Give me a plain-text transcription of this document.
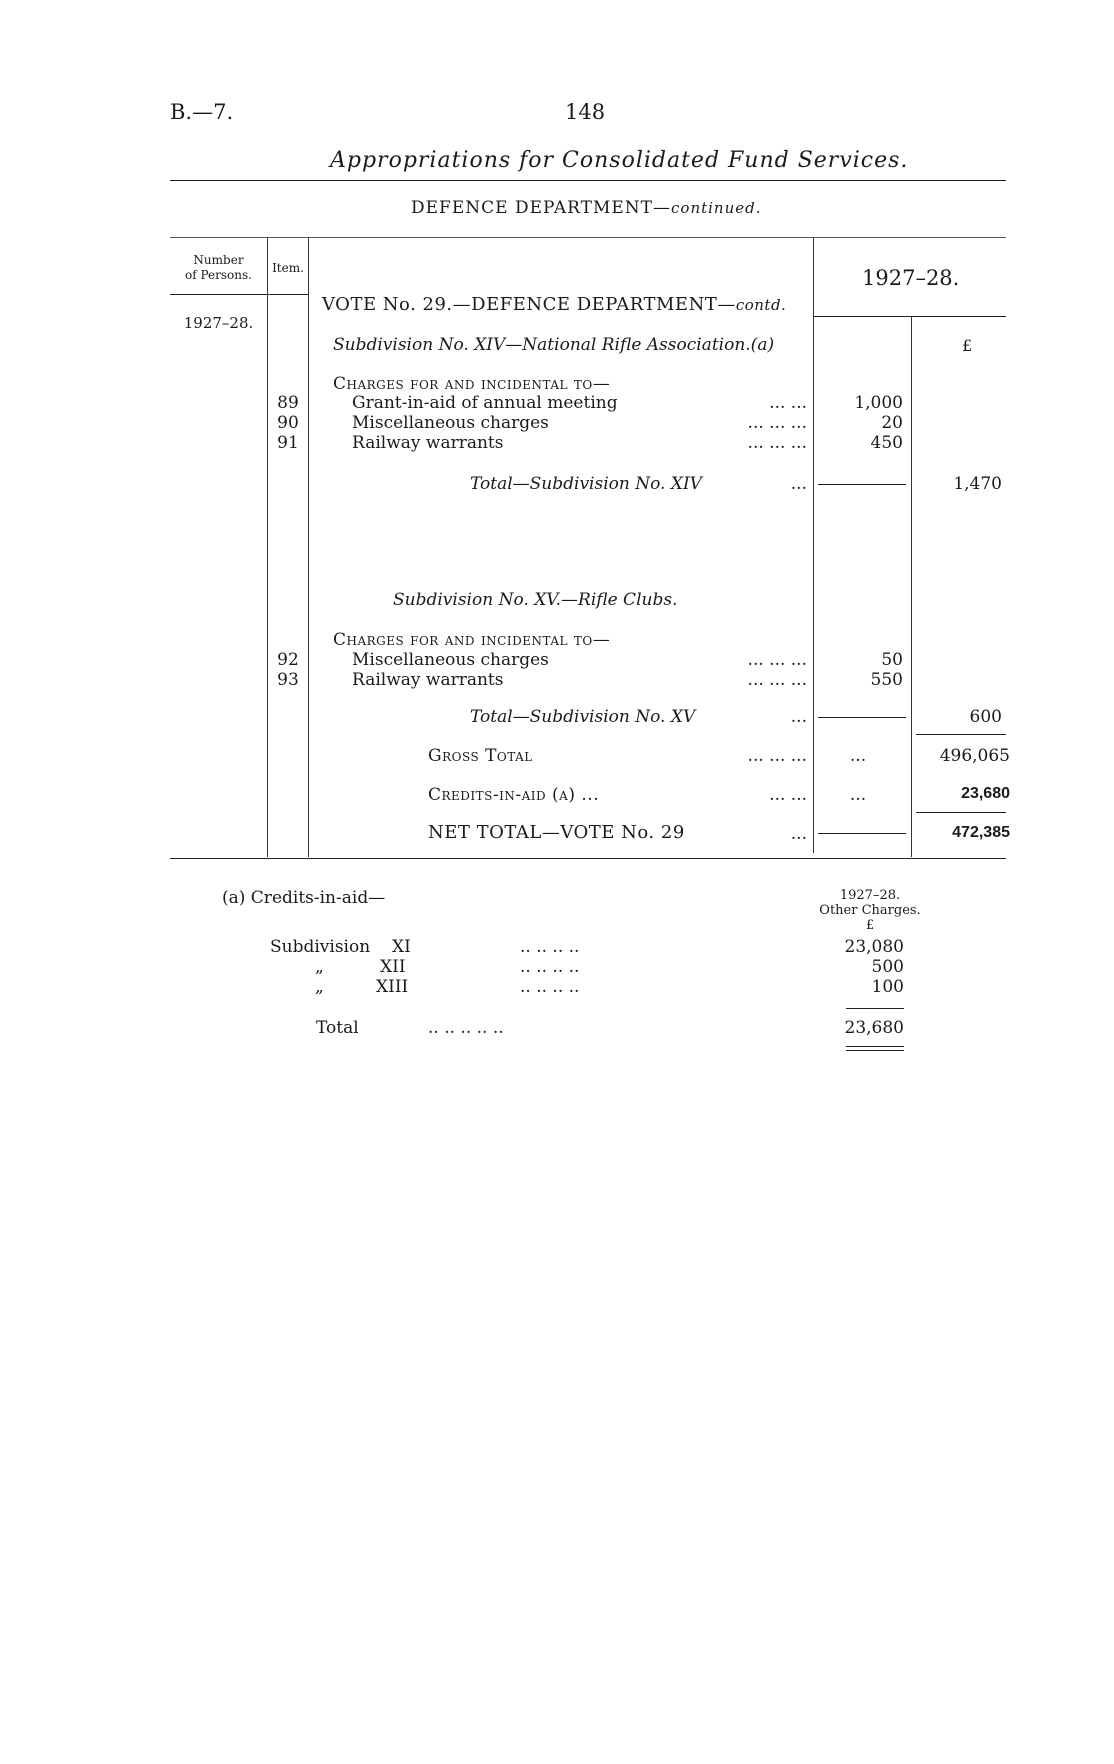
B.—7.	148
Appropriations for Consolidated Fund Services.
DEFENCE DEPARTMENT—continued.
Number
of Persons.	Item.
1927–28.
1927–28.
VOTE No. 29.—DEFENCE DEPARTMENT—contd.
£
Subdivision No. XIV—National Rifle Association.(a)
Charges for and incidental to—
89	Grant-in-aid of annual meeting	... ...	1,000
90	Miscellaneous charges	... ... ...	20
91	Railway warrants	... ... ...	450
Total—Subdivision No. XIV	...	1,470
Subdivision No. XV.—Rifle Clubs.
Charges for and incidental to—
92	Miscellaneous charges	... ... ...	50
93	Railway warrants	... ... ...	550
Total—Subdivision No. XV	...	600
Gross Total	... ... ...	...	496,065
Credits-in-aid (a) ...	... ...	...	23,680
NET TOTAL—VOTE No. 29	...	472,385
(a) Credits-in-aid—	1927–28.
Other Charges.
£
Subdivision XI	.. .. .. ..	23,080
„	XII	.. .. .. ..	500
„	XIII	.. .. .. ..	100
Total	.. .. .. .. ..	23,680
